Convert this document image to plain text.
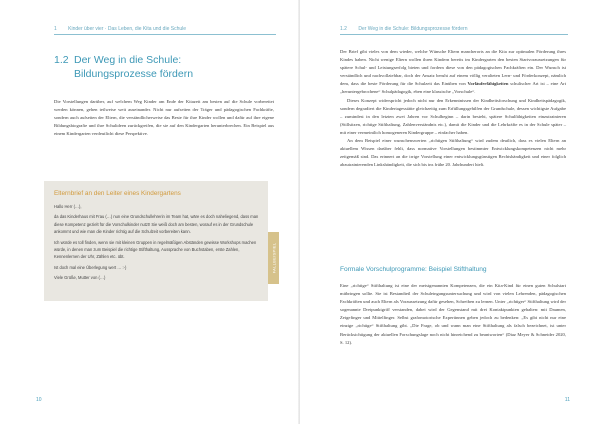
1 Kinder über vier · Das Leben, die Kita und die Schule
1.2 Der Weg in die Schule:
Bildungsprozesse fördern

Die Vorstellungen darüber, auf welchem Weg Kinder am Ende der Kitazeit am besten auf die Schule vorbereitet werden können, gehen teilweise weit auseinander. Nicht nur aufseiten der Träger und pädagogischen Fachkräfte, sondern auch aufseiten der Eltern, die verständlicherweise das Beste für ihre Kinder wollen und dafür auf ihre eigene Bildungsbiografie und ihre Schulideen zurückgreifen, die sie auf den Kindergarten herunterbrechen. Ein Beispiel aus einem Kindergarten verdeutlicht diese Perspektive.

Elternbrief an den Leiter eines Kindergartens

Hallo Herr (…),

da das Kinderhaus mit Frau (…) nun eine Grundschullehrerin im Team hat, wäre es doch naheliegend, dass man diese Kompetenz gezielt für die Vorschulkinder nutzt! Sie weiß doch am besten, worauf es in der Grundschule ankommt und wie man die Kinder richtig auf die Schulzeit vorbereiten kann.

Ich würde es toll finden, wenn sie mit kleinen Gruppen in regelmäßigen Abständen gewisse Workshops machen würde, in denen man zum Beispiel die richtige Stifthaltung, Aussprache von Buchstaben, erste Zahlen, Kennenlernen der Uhr, Zählen etc. übt.

Ist doch mal eine Überlegung wert … :-)

Viele Grüße, Mutter von (…)

FALLBEISPIEL
10
1.2 Der Weg in die Schule: Bildungsprozesse fördern

Der Brief gibt vieles von dem wieder, welche Wünsche Eltern mancherorts an die Kita zur optimalen Förderung ihres Kindes haben. Nicht wenige Eltern wollen ihren Kindern bereits im Kindergarten den besten Startvoraussetzungen für spätere Schul- und Leistungserfolg bieten und fordern diese von den pädagogischen Fachkräften ein. Der Wunsch ist verständlich und nachvollziehbar, doch der Ansatz beruht auf einem völlig veralteten Lern- und Förderkonzept, nämlich dem, dass die beste Förderung für die Schulzeit das Einüben von Vorläuferfähigkeiten schulischer Art ist – eine Art „heruntergebrochene“ Schulpädagogik, eben eine klassische „Vorschule“.

Dieses Konzept widerspricht jedoch nicht nur den Erkenntnissen der Kindheitsforschung und Kindheitspädagogik, sondern degradiert die Kindertagesstätte gleichzeitig zum Erfüllungsgehilfen der Grundschule, dessen wichtigste Aufgabe – zumindest in den letzten zwei Jahren vor Schulbeginn – darin besteht, spätere Schulfähigkeiten einzutrainieren (Stillsitzen, richtige Stifthaltung, Zahlenverständnis etc.), damit die Kinder und die Lehrkräfte es in der Schule später – mit einer vermeintlich homogeneren Kindergruppe – einfacher haben.

An dem Beispiel einer wunschenswerten „richtigen Stifthaltung“ wird zudem deutlich, dass es vielen Eltern an aktuellem Wissen darüber fehlt, dass normative Vorstellungen bestimmter Entwicklungskompetenzen nicht mehr zeitgemäß sind. Das erinnert an die irrige Vorstellung einer entwicklungsgünstigen Rechtshändigkeit und einer folglich abzutrainierenden Linkshändigkeit, die sich bis ins frühe 20. Jahrhundert hielt.

Formale Vorschulprogramme: Beispiel Stifthaltung

Eine „richtige“ Stifthaltung ist eine der meistgenannten Kompetenzen, die ein Kita-Kind für einen guten Schulstart mitbringen sollte. Sie ist Bestandteil der Schuleingangsuntersuchung und wird von vielen Lehrenden, pädagogischen Fachkräften und auch Eltern als Voraussetzung dafür gesehen, Schreiben zu lernen. Unter „richtiger“ Stifthaltung wird der sogenannte Dreipunktgriff verstanden, dabei wird der Gegenstand mit drei Kontaktpunkten gehalten: mit Daumen, Zeigefinger und Mittelfinger. Selbst grafomotorische Expertinnen geben jedoch zu bedenken: „Es gibt nicht nur eine einzige „richtige“ Stifthaltung gibt. „Die Frage, ob und wann man eine Stifthaltung als falsch bezeichnet, ist unter Berücksichtigung der aktuellen Forschungslage noch nicht hinreichend zu beantworten“ (Diaz Meyer & Schneider 2020, S. 12).

11
